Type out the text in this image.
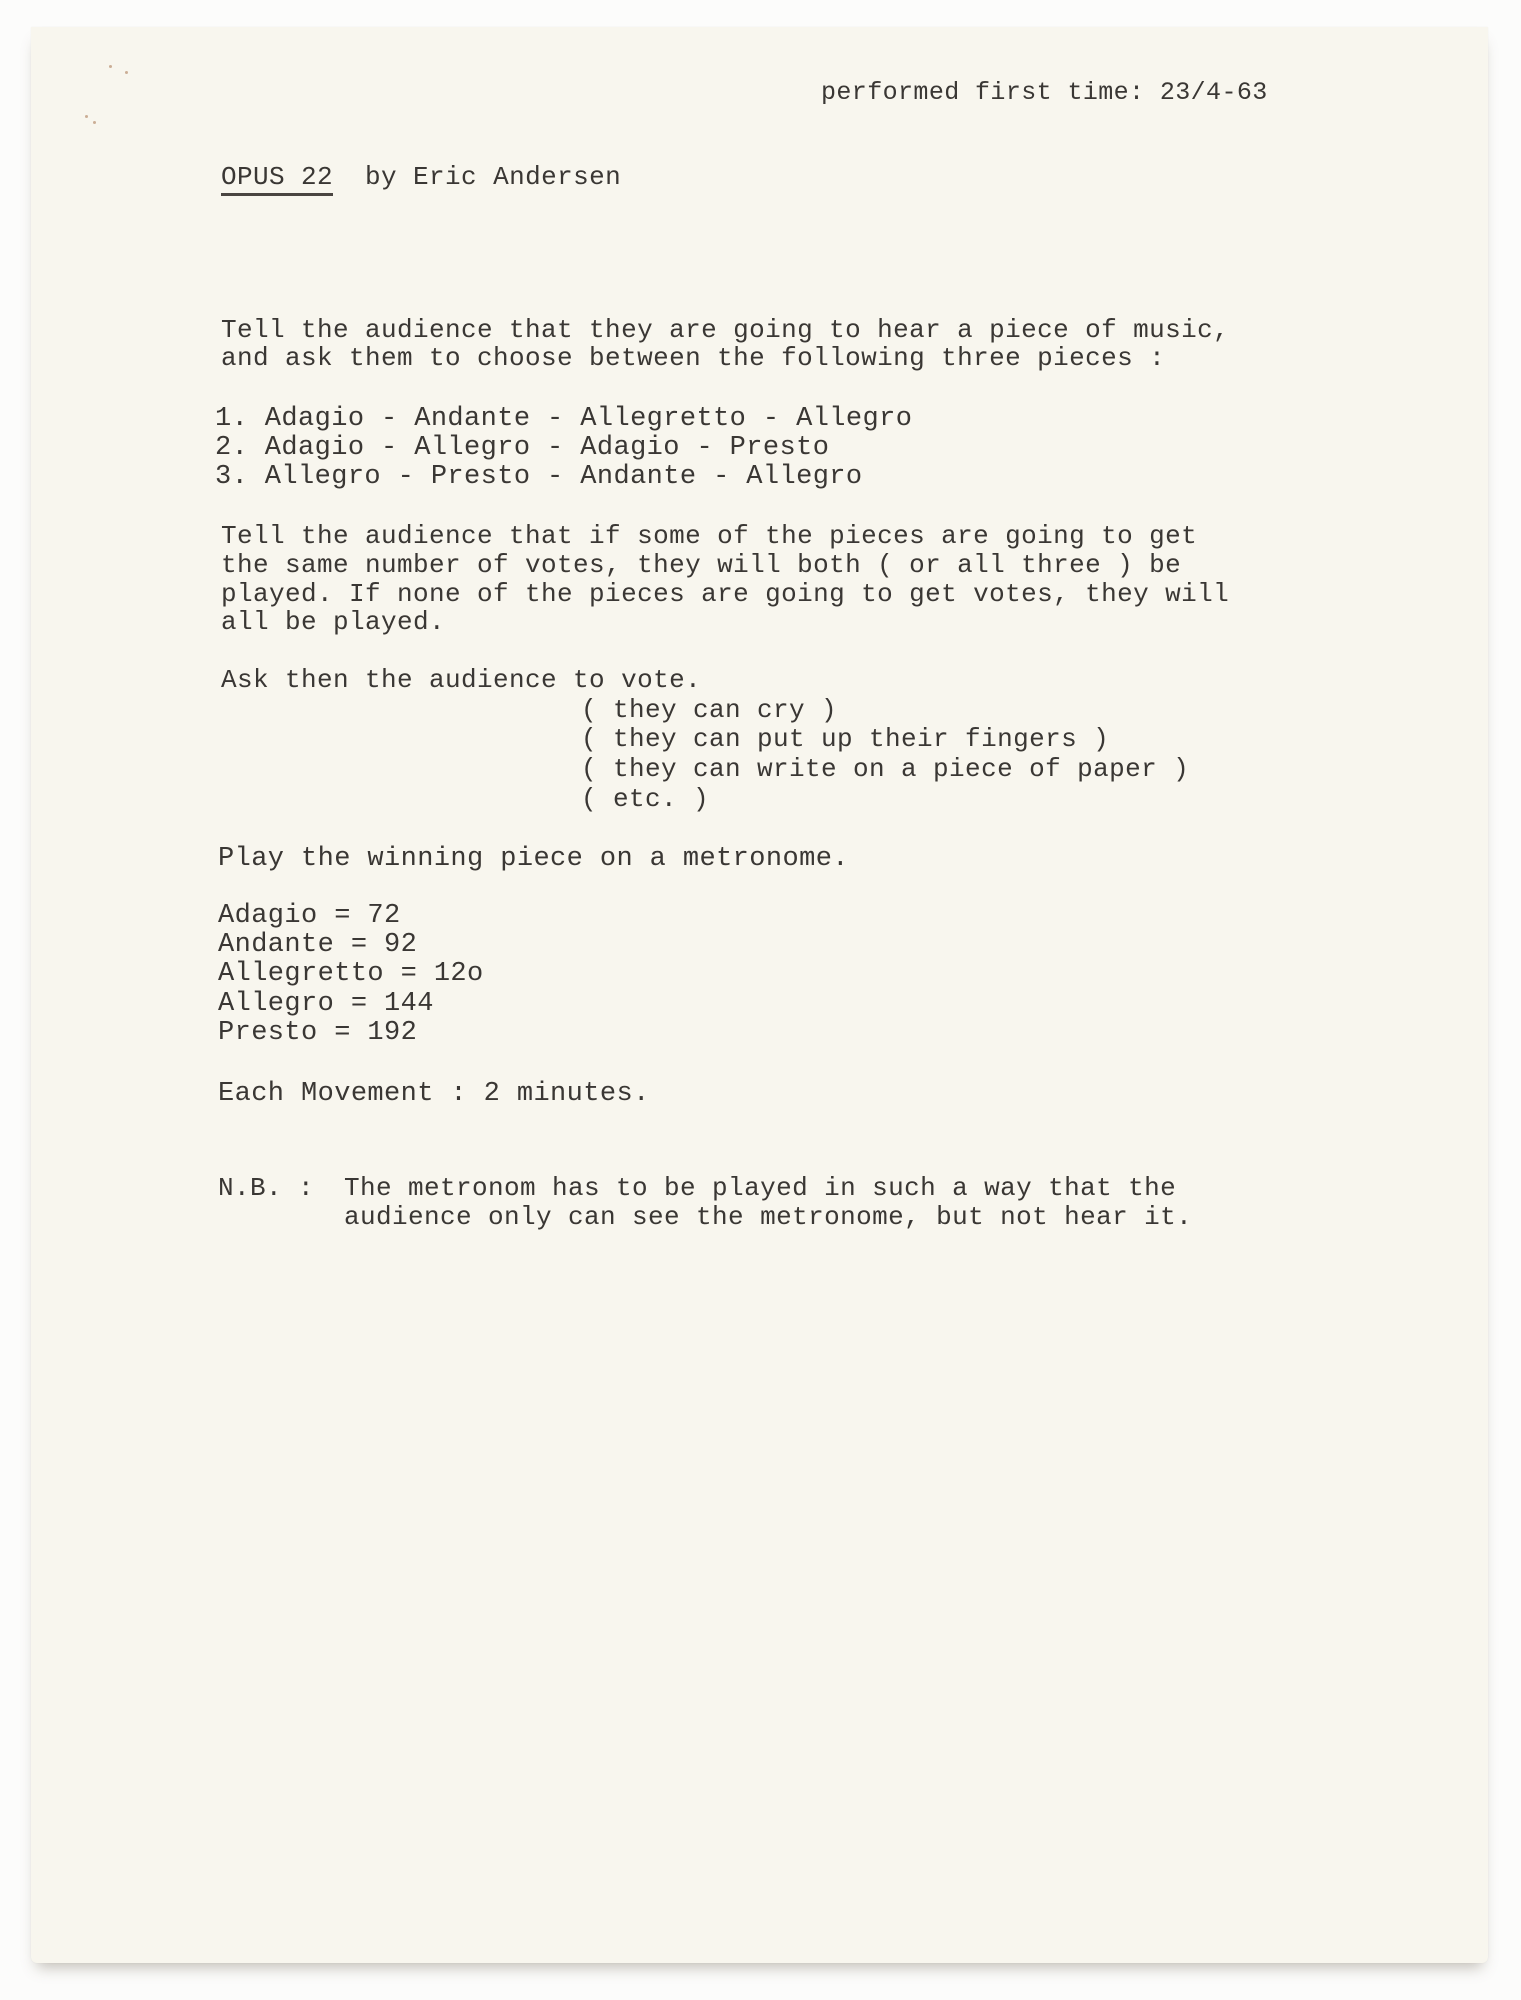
performed first time: 23/4-63
OPUS 22 by Eric Andersen
Tell the audience that they are going to hear a piece of music,
and ask them to choose between the following three pieces :
1. Adagio - Andante - Allegretto - Allegro
2. Adagio - Allegro - Adagio - Presto
3. Allegro - Presto - Andante - Allegro
Tell the audience that if some of the pieces are going to get
the same number of votes, they will both ( or all three ) be
played. If none of the pieces are going to get votes, they will
all be played.
Ask then the audience to vote.
( they can cry )
( they can put up their fingers )
( they can write on a piece of paper )
( etc. )
Play the winning piece on a metronome.
Adagio = 72
Andante = 92
Allegretto = 12o
Allegro = 144
Presto = 192
Each Movement : 2 minutes.
N.B. : The metronom has to be played in such a way that the
audience only can see the metronome, but not hear it.
